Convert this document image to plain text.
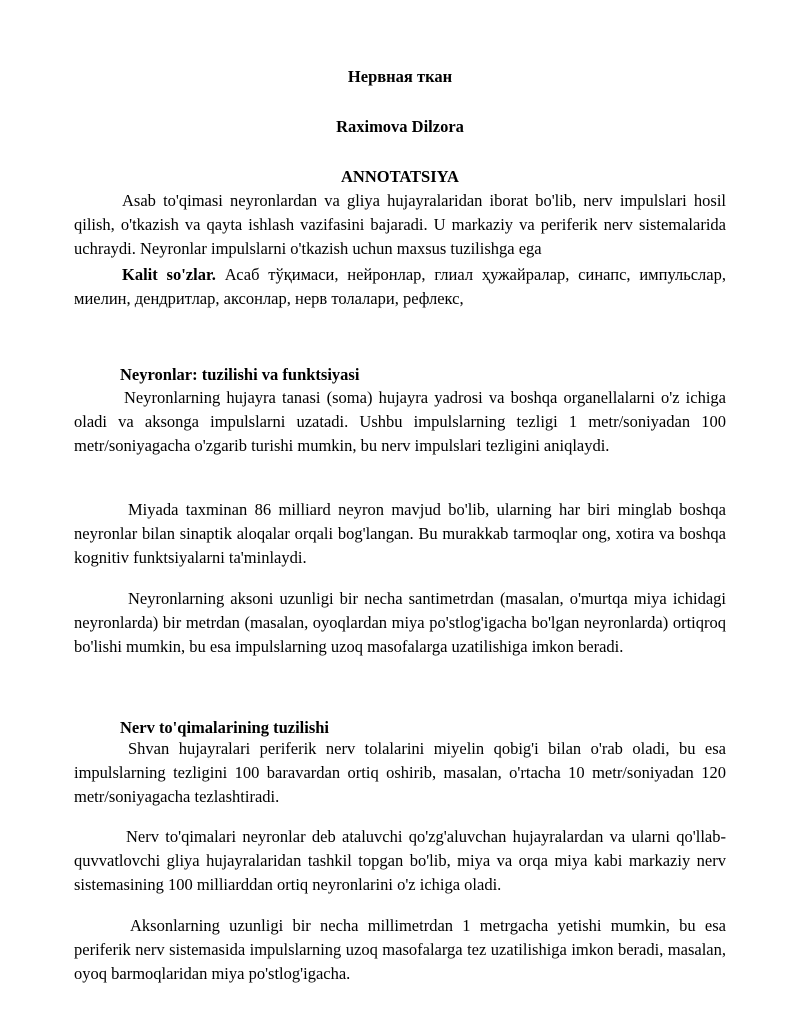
Нервная ткан
Raximova Dilzora
ANNOTATSIYA

Asab to'qimasi neyronlardan va gliya hujayralaridan iborat bo'lib, nerv impulslari hosil qilish, o'tkazish va qayta ishlash vazifasini bajaradi. U markaziy va periferik nerv sistemalarida uchraydi. Neyronlar impulslarni o'tkazish uchun maxsus tuzilishga ega

Kalit so'zlar. Асаб тўқимаси, нейронлар, глиал ҳужайралар, синапс, импульслар, миелин, дендритлар, аксонлар, нерв толалари, рефлекс,

Neyronlar: tuzilishi va funktsiyasi

Neyronlarning hujayra tanasi (soma) hujayra yadrosi va boshqa organellalarni o'z ichiga oladi va aksonga impulslarni uzatadi. Ushbu impulslarning tezligi 1 metr/soniyadan 100 metr/soniyagacha o'zgarib turishi mumkin, bu nerv impulslari tezligini aniqlaydi.

Miyada taxminan 86 milliard neyron mavjud bo'lib, ularning har biri minglab boshqa neyronlar bilan sinaptik aloqalar orqali bog'langan. Bu murakkab tarmoqlar ong, xotira va boshqa kognitiv funktsiyalarni ta'minlaydi.

Neyronlarning aksoni uzunligi bir necha santimetrdan (masalan, o'murtqa miya ichidagi neyronlarda) bir metrdan (masalan, oyoqlardan miya po'stlog'igacha bo'lgan neyronlarda) ortiqroq bo'lishi mumkin, bu esa impulslarning uzoq masofalarga uzatilishiga imkon beradi.

Nerv to'qimalarining tuzilishi

Shvan hujayralari periferik nerv tolalarini miyelin qobig'i bilan o'rab oladi, bu esa impulslarning tezligini 100 baravardan ortiq oshirib, masalan, o'rtacha 10 metr/soniyadan 120 metr/soniyagacha tezlashtiradi.

Nerv to'qimalari neyronlar deb ataluvchi qo'zg'aluvchan hujayralardan va ularni qo'llab-quvvatlovchi gliya hujayralaridan tashkil topgan bo'lib, miya va orqa miya kabi markaziy nerv sistemasining 100 milliarddan ortiq neyronlarini o'z ichiga oladi.

Aksonlarning uzunligi bir necha millimetrdan 1 metrgacha yetishi mumkin, bu esa periferik nerv sistemasida impulslarning uzoq masofalarga tez uzatilishiga imkon beradi, masalan, oyoq barmoqlaridan miya po'stlog'igacha.
